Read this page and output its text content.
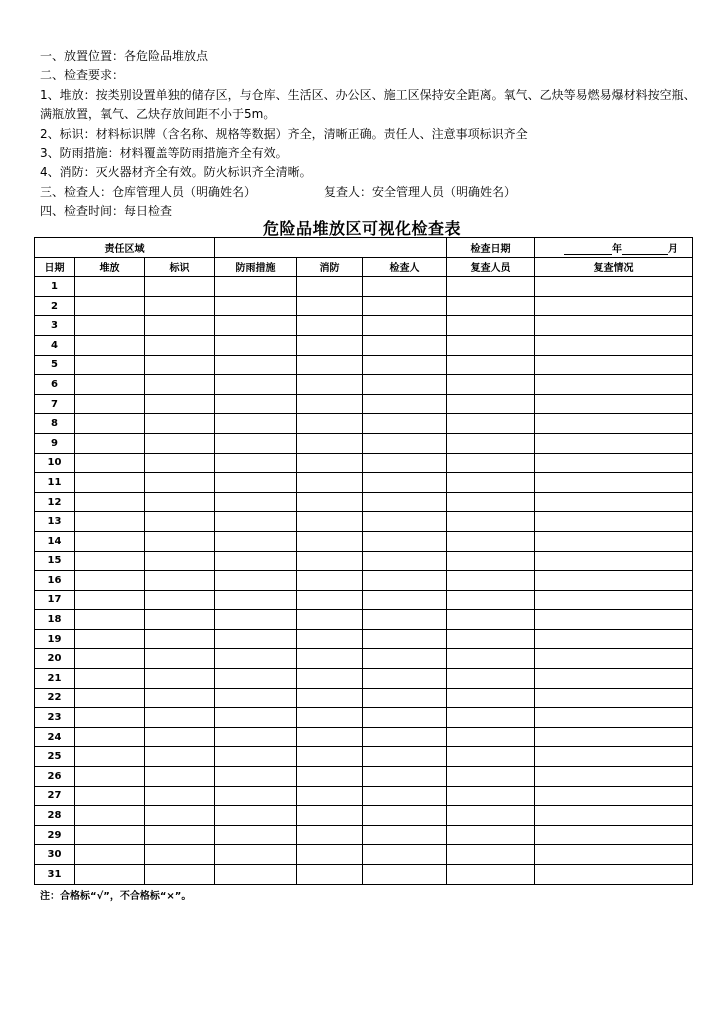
一、放置位置：各危险品堆放点
二、检查要求：
1、堆放：按类别设置单独的储存区，与仓库、生活区、办公区、施工区保持安全距离。氧气、乙炔等易燃易爆材料按空瓶、
满瓶放置，氧气、乙炔存放间距不小于5m。
2、标识：材料标识牌（含名称、规格等数据）齐全，清晰正确。责任人、注意事项标识齐全
3、防雨措施：材料覆盖等防雨措施齐全有效。
4、消防：灭火器材齐全有效。防火标识齐全清晰。
三、检查人：仓库管理人员（明确姓名）	复查人：安全管理人员（明确姓名）
四、检查时间：每日检查
危险品堆放区可视化检查表
责任区域						检查日期	年 月
日期	堆放	标识	防雨措施	消防	检查人	复查人员	复查情况
1							
2							
3							
4							
5							
6							
7							
8							
9							
10							
11							
12							
13							
14							
15							
16							
17							
18							
19							
20							
21							
22							
23							
24							
25							
26							
27							
28							
29							
30							
31							
注：合格标“√”，不合格标“×”。
